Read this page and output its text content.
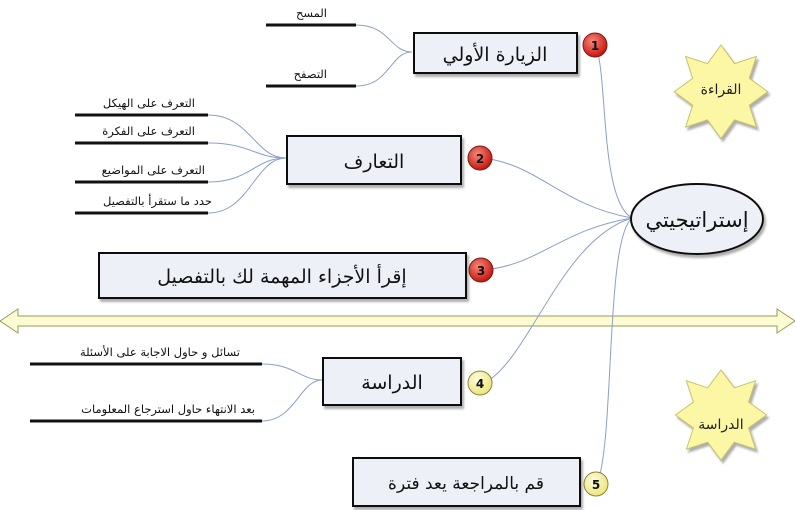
القراءة
الدراسة
المسح
التصفح
التعرف على الهيكل
التعرف على الفكرة
التعرف على المواضيع
حدد ما ستقرأ بالتفصيل
تسائل و حاول الاجابة على الأسئلة
بعد الانتهاء حاول استرجاع المعلومات
الزيارة الأولي
التعارف
إقرأ الأجزاء المهمة لك بالتفصيل
الدراسة
قم بالمراجعة يعد فترة
إستراتيجيتي
1
2
3
4
5
